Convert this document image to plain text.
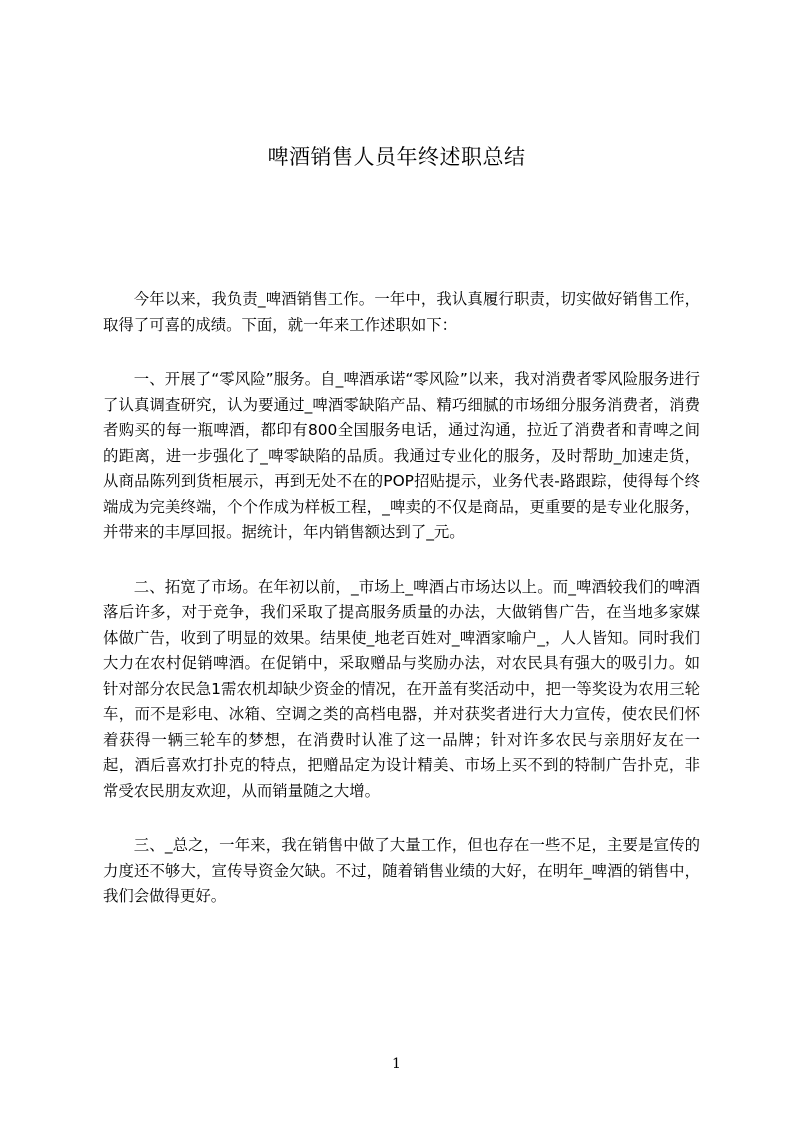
啤酒销售人员年终述职总结

今年以来，我负责_啤酒销售工作。一年中，我认真履行职责，切实做好销售工作，取得了可喜的成绩。下面，就一年来工作述职如下：

一、开展了“零风险”服务。自_啤酒承诺“零风险”以来，我对消费者零风险服务进行了认真调查研究，认为要通过_啤酒零缺陷产品、精巧细腻的市场细分服务消费者，消费者购买的每一瓶啤酒，都印有800全国服务电话，通过沟通，拉近了消费者和青啤之间的距离，进一步强化了_啤零缺陷的品质。我通过专业化的服务，及时帮助_加速走货，从商品陈列到货柜展示，再到无处不在的POP招贴提示，业务代表-路跟踪，使得每个终端成为完美终端，个个作成为样板工程，_啤卖的不仅是商品，更重要的是专业化服务，并带来的丰厚回报。据统计，年内销售额达到了_元。

二、拓宽了市场。在年初以前，_市场上_啤酒占市场达以上。而_啤酒较我们的啤酒落后许多，对于竞争，我们采取了提高服务质量的办法，大做销售广告，在当地多家媒体做广告，收到了明显的效果。结果使_地老百姓对_啤酒家喻户_，人人皆知。同时我们大力在农村促销啤酒。在促销中，采取赠品与奖励办法，对农民具有强大的吸引力。如针对部分农民急1需农机却缺少资金的情况，在开盖有奖活动中，把一等奖设为农用三轮车，而不是彩电、冰箱、空调之类的高档电器，并对获奖者进行大力宣传，使农民们怀着获得一辆三轮车的梦想，在消费时认准了这一品牌；针对许多农民与亲朋好友在一起，酒后喜欢打扑克的特点，把赠品定为设计精美、市场上买不到的特制广告扑克，非常受农民朋友欢迎，从而销量随之大增。

三、_总之，一年来，我在销售中做了大量工作，但也存在一些不足，主要是宣传的力度还不够大，宣传导资金欠缺。不过，随着销售业绩的大好，在明年_啤酒的销售中，我们会做得更好。

1
